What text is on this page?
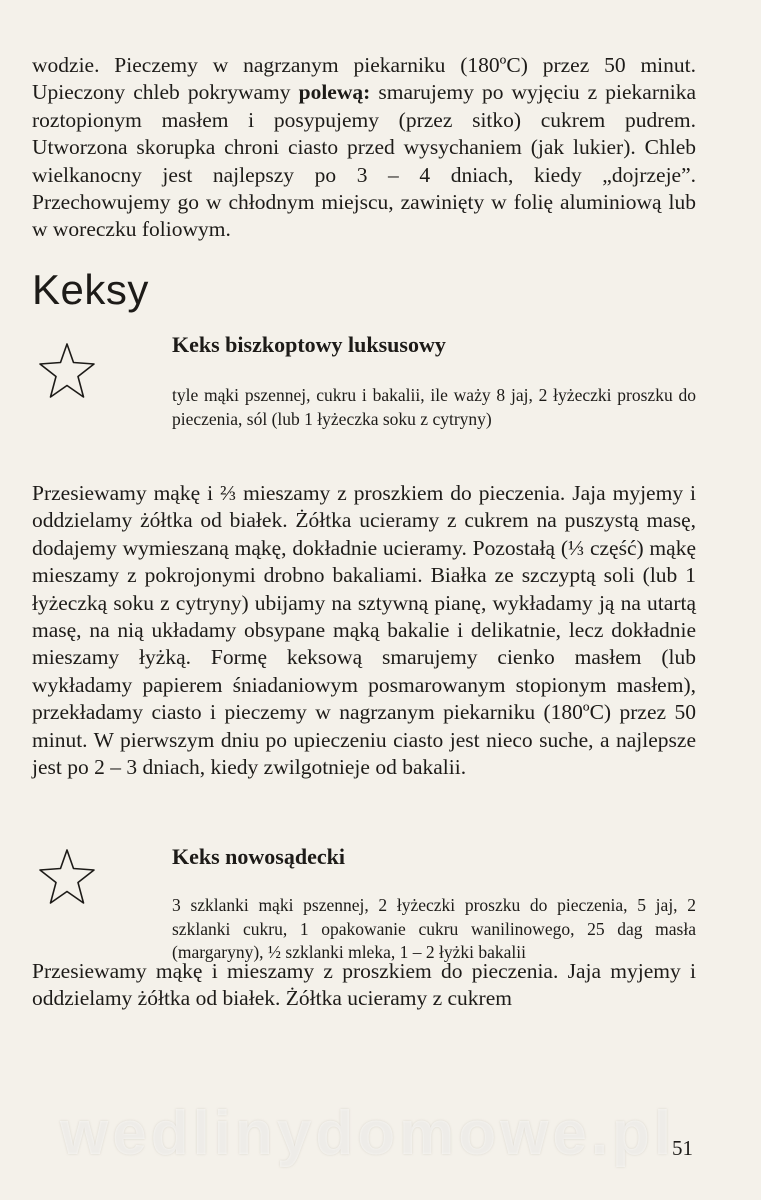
wodzie. Pieczemy w nagrzanym piekarniku (180ºC) przez 50 minut. Upieczony chleb pokrywamy polewą: smarujemy po wyjęciu z piekarnika roztopionym masłem i posypujemy (przez sitko) cukrem pudrem. Utworzona skorupka chroni ciasto przed wysychaniem (jak lukier). Chleb wielkanocny jest najlepszy po 3 – 4 dniach, kiedy „dojrzeje”. Przechowujemy go w chłodnym miejscu, zawinięty w folię aluminiową lub w woreczku foliowym.

Keksy
Keks biszkoptowy luksusowy

tyle mąki pszennej, cukru i bakalii, ile waży 8 jaj, 2 łyżeczki proszku do pieczenia, sól (lub 1 łyżeczka soku z cytryny)

Przesiewamy mąkę i ⅔ mieszamy z proszkiem do pieczenia. Jaja myjemy i oddzielamy żółtka od białek. Żółtka ucieramy z cukrem na puszystą masę, dodajemy wymieszaną mąkę, dokładnie ucieramy. Pozostałą (⅓ część) mąkę mieszamy z pokrojonymi drobno bakaliami. Białka ze szczyptą soli (lub 1 łyżeczką soku z cytryny) ubijamy na sztywną pianę, wykładamy ją na utartą masę, na nią układamy obsypane mąką bakalie i delikatnie, lecz dokładnie mieszamy łyżką. Formę keksową smarujemy cienko masłem (lub wykładamy papierem śniadaniowym posmarowanym stopionym masłem), przekładamy ciasto i pieczemy w nagrzanym piekarniku (180ºC) przez 50 minut. W pierwszym dniu po upieczeniu ciasto jest nieco suche, a najlepsze jest po 2 – 3 dniach, kiedy zwilgotnieje od bakalii.

Keks nowosądecki

3 szklanki mąki pszennej, 2 łyżeczki proszku do pieczenia, 5 jaj, 2 szklanki cukru, 1 opakowanie cukru wanilinowego, 25 dag masła (margaryny), ½ szklanki mleka, 1 – 2 łyżki bakalii

Przesiewamy mąkę i mieszamy z proszkiem do pieczenia. Jaja myjemy i oddzielamy żółtka od białek. Żółtka ucieramy z cukrem

wedlinydomowe.pl
51
